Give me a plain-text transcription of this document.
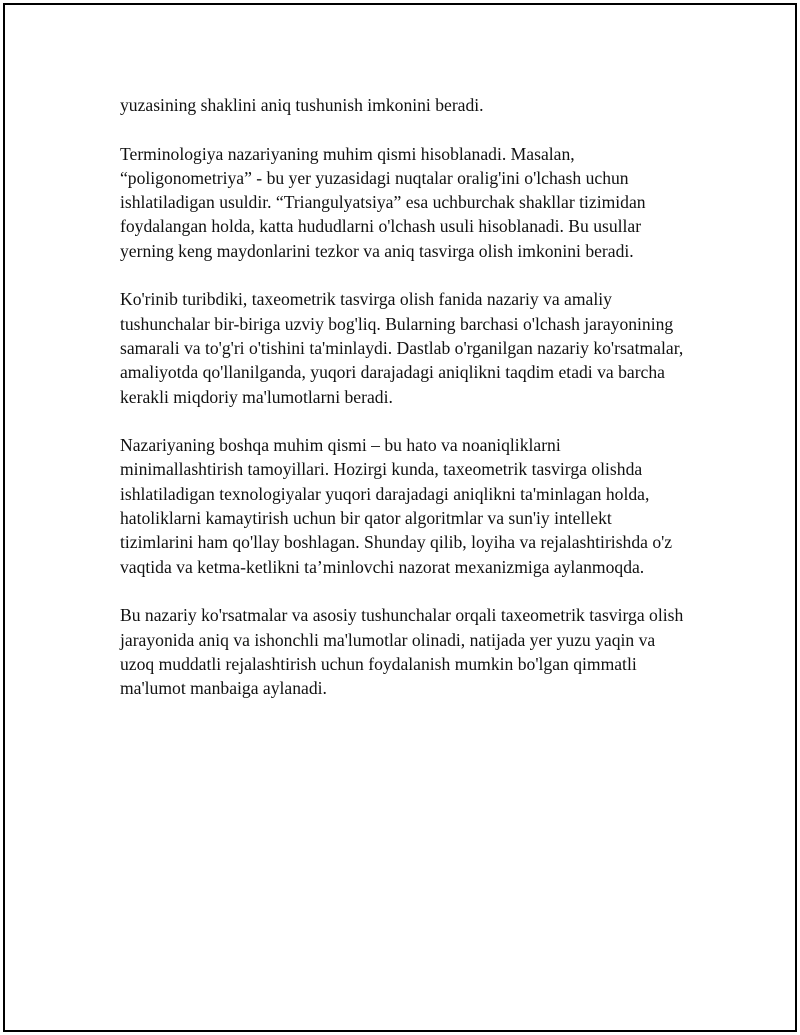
yuzasining shaklini aniq tushunish imkonini beradi.

Terminologiya nazariyaning muhim qismi hisoblanadi. Masalan, “poligonometriya” - bu yer yuzasidagi nuqtalar oralig'ini o'lchash uchun ishlatiladigan usuldir. “Triangulyatsiya” esa uchburchak shakllar tizimidan foydalangan holda, katta hududlarni o'lchash usuli hisoblanadi. Bu usullar yerning keng maydonlarini tezkor va aniq tasvirga olish imkonini beradi.

Ko'rinib turibdiki, taxeometrik tasvirga olish fanida nazariy va amaliy tushunchalar bir-biriga uzviy bog'liq. Bularning barchasi o'lchash jarayonining samarali va to'g'ri o'tishini ta'minlaydi. Dastlab o'rganilgan nazariy ko'rsatmalar, amaliyotda qo'llanilganda, yuqori darajadagi aniqlikni taqdim etadi va barcha kerakli miqdoriy ma'lumotlarni beradi.

Nazariyaning boshqa muhim qismi – bu hato va noaniqliklarni minimallashtirish tamoyillari. Hozirgi kunda, taxeometrik tasvirga olishda ishlatiladigan texnologiyalar yuqori darajadagi aniqlikni ta'minlagan holda, hatoliklarni kamaytirish uchun bir qator algoritmlar va sun'iy intellekt tizimlarini ham qo'llay boshlagan. Shunday qilib, loyiha va rejalashtirishda o'z vaqtida va ketma-ketlikni ta’minlovchi nazorat mexanizmiga aylanmoqda.

Bu nazariy ko'rsatmalar va asosiy tushunchalar orqali taxeometrik tasvirga olish jarayonida aniq va ishonchli ma'lumotlar olinadi, natijada yer yuzu yaqin va uzoq muddatli rejalashtirish uchun foydalanish mumkin bo'lgan qimmatli ma'lumot manbaiga aylanadi.
